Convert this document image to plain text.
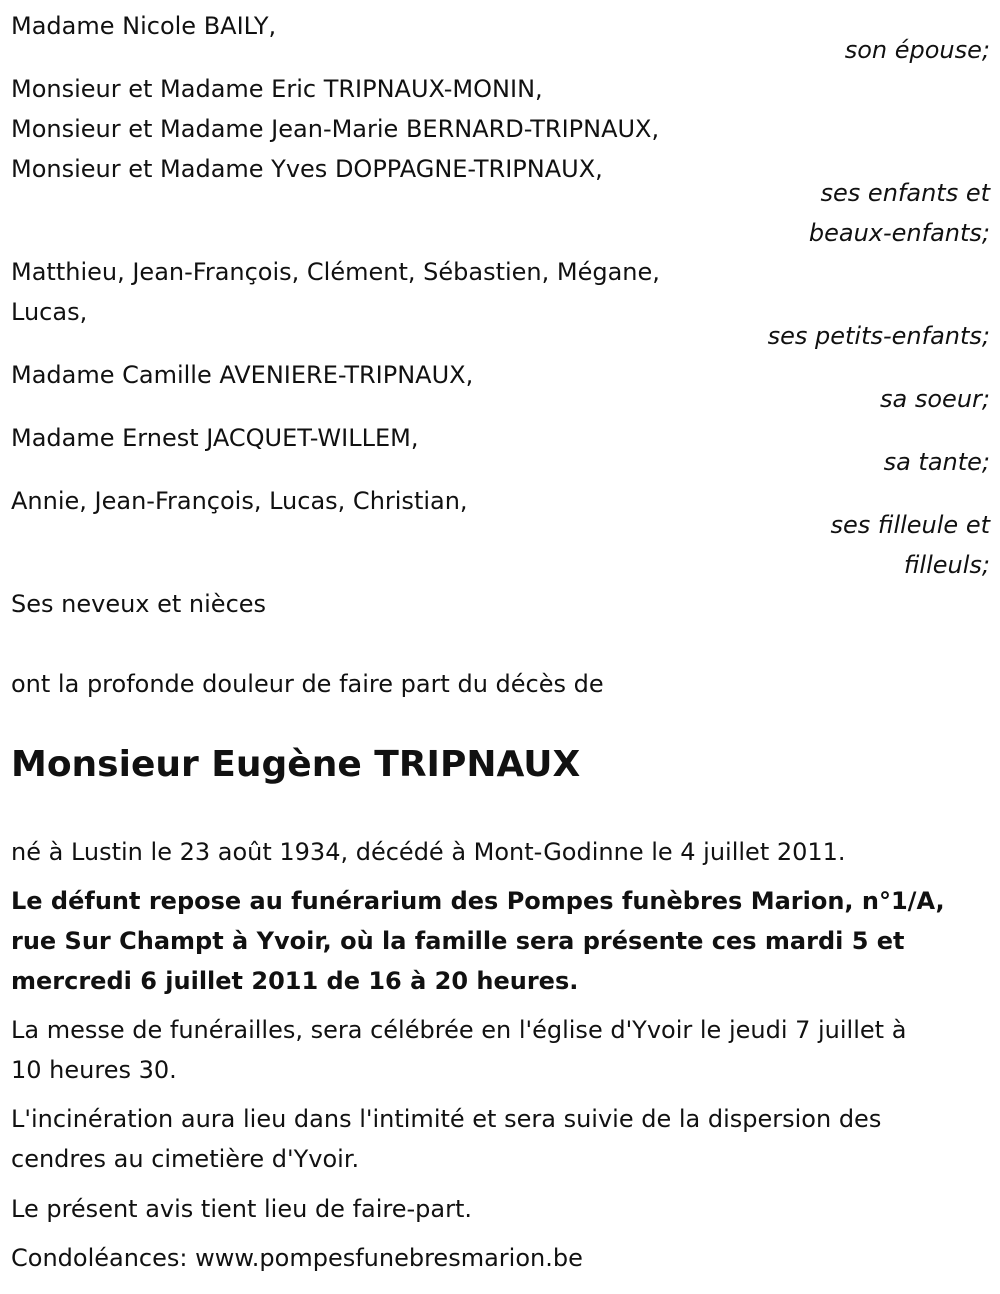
Madame Nicole BAILY,
son épouse;
Monsieur et Madame Eric TRIPNAUX-MONIN,
Monsieur et Madame Jean-Marie BERNARD-TRIPNAUX,
Monsieur et Madame Yves DOPPAGNE-TRIPNAUX,
ses enfants et
beaux-enfants;
Matthieu, Jean-François, Clément, Sébastien, Mégane,
Lucas,
ses petits-enfants;
Madame Camille AVENIERE-TRIPNAUX,
sa soeur;
Madame Ernest JACQUET-WILLEM,
sa tante;
Annie, Jean-François, Lucas, Christian,
ses filleule et
filleuls;
Ses neveux et nièces
ont la profonde douleur de faire part du décès de
Monsieur Eugène TRIPNAUX
né à Lustin le 23 août 1934, décédé à Mont-Godinne le 4 juillet 2011.
Le défunt repose au funérarium des Pompes funèbres Marion, n°1/A,
rue Sur Champt à Yvoir, où la famille sera présente ces mardi 5 et
mercredi 6 juillet 2011 de 16 à 20 heures.
La messe de funérailles, sera célébrée en l'église d'Yvoir le jeudi 7 juillet à
10 heures 30.
L'incinération aura lieu dans l'intimité et sera suivie de la dispersion des
cendres au cimetière d'Yvoir.
Le présent avis tient lieu de faire-part.
Condoléances: www.pompesfunebresmarion.be
